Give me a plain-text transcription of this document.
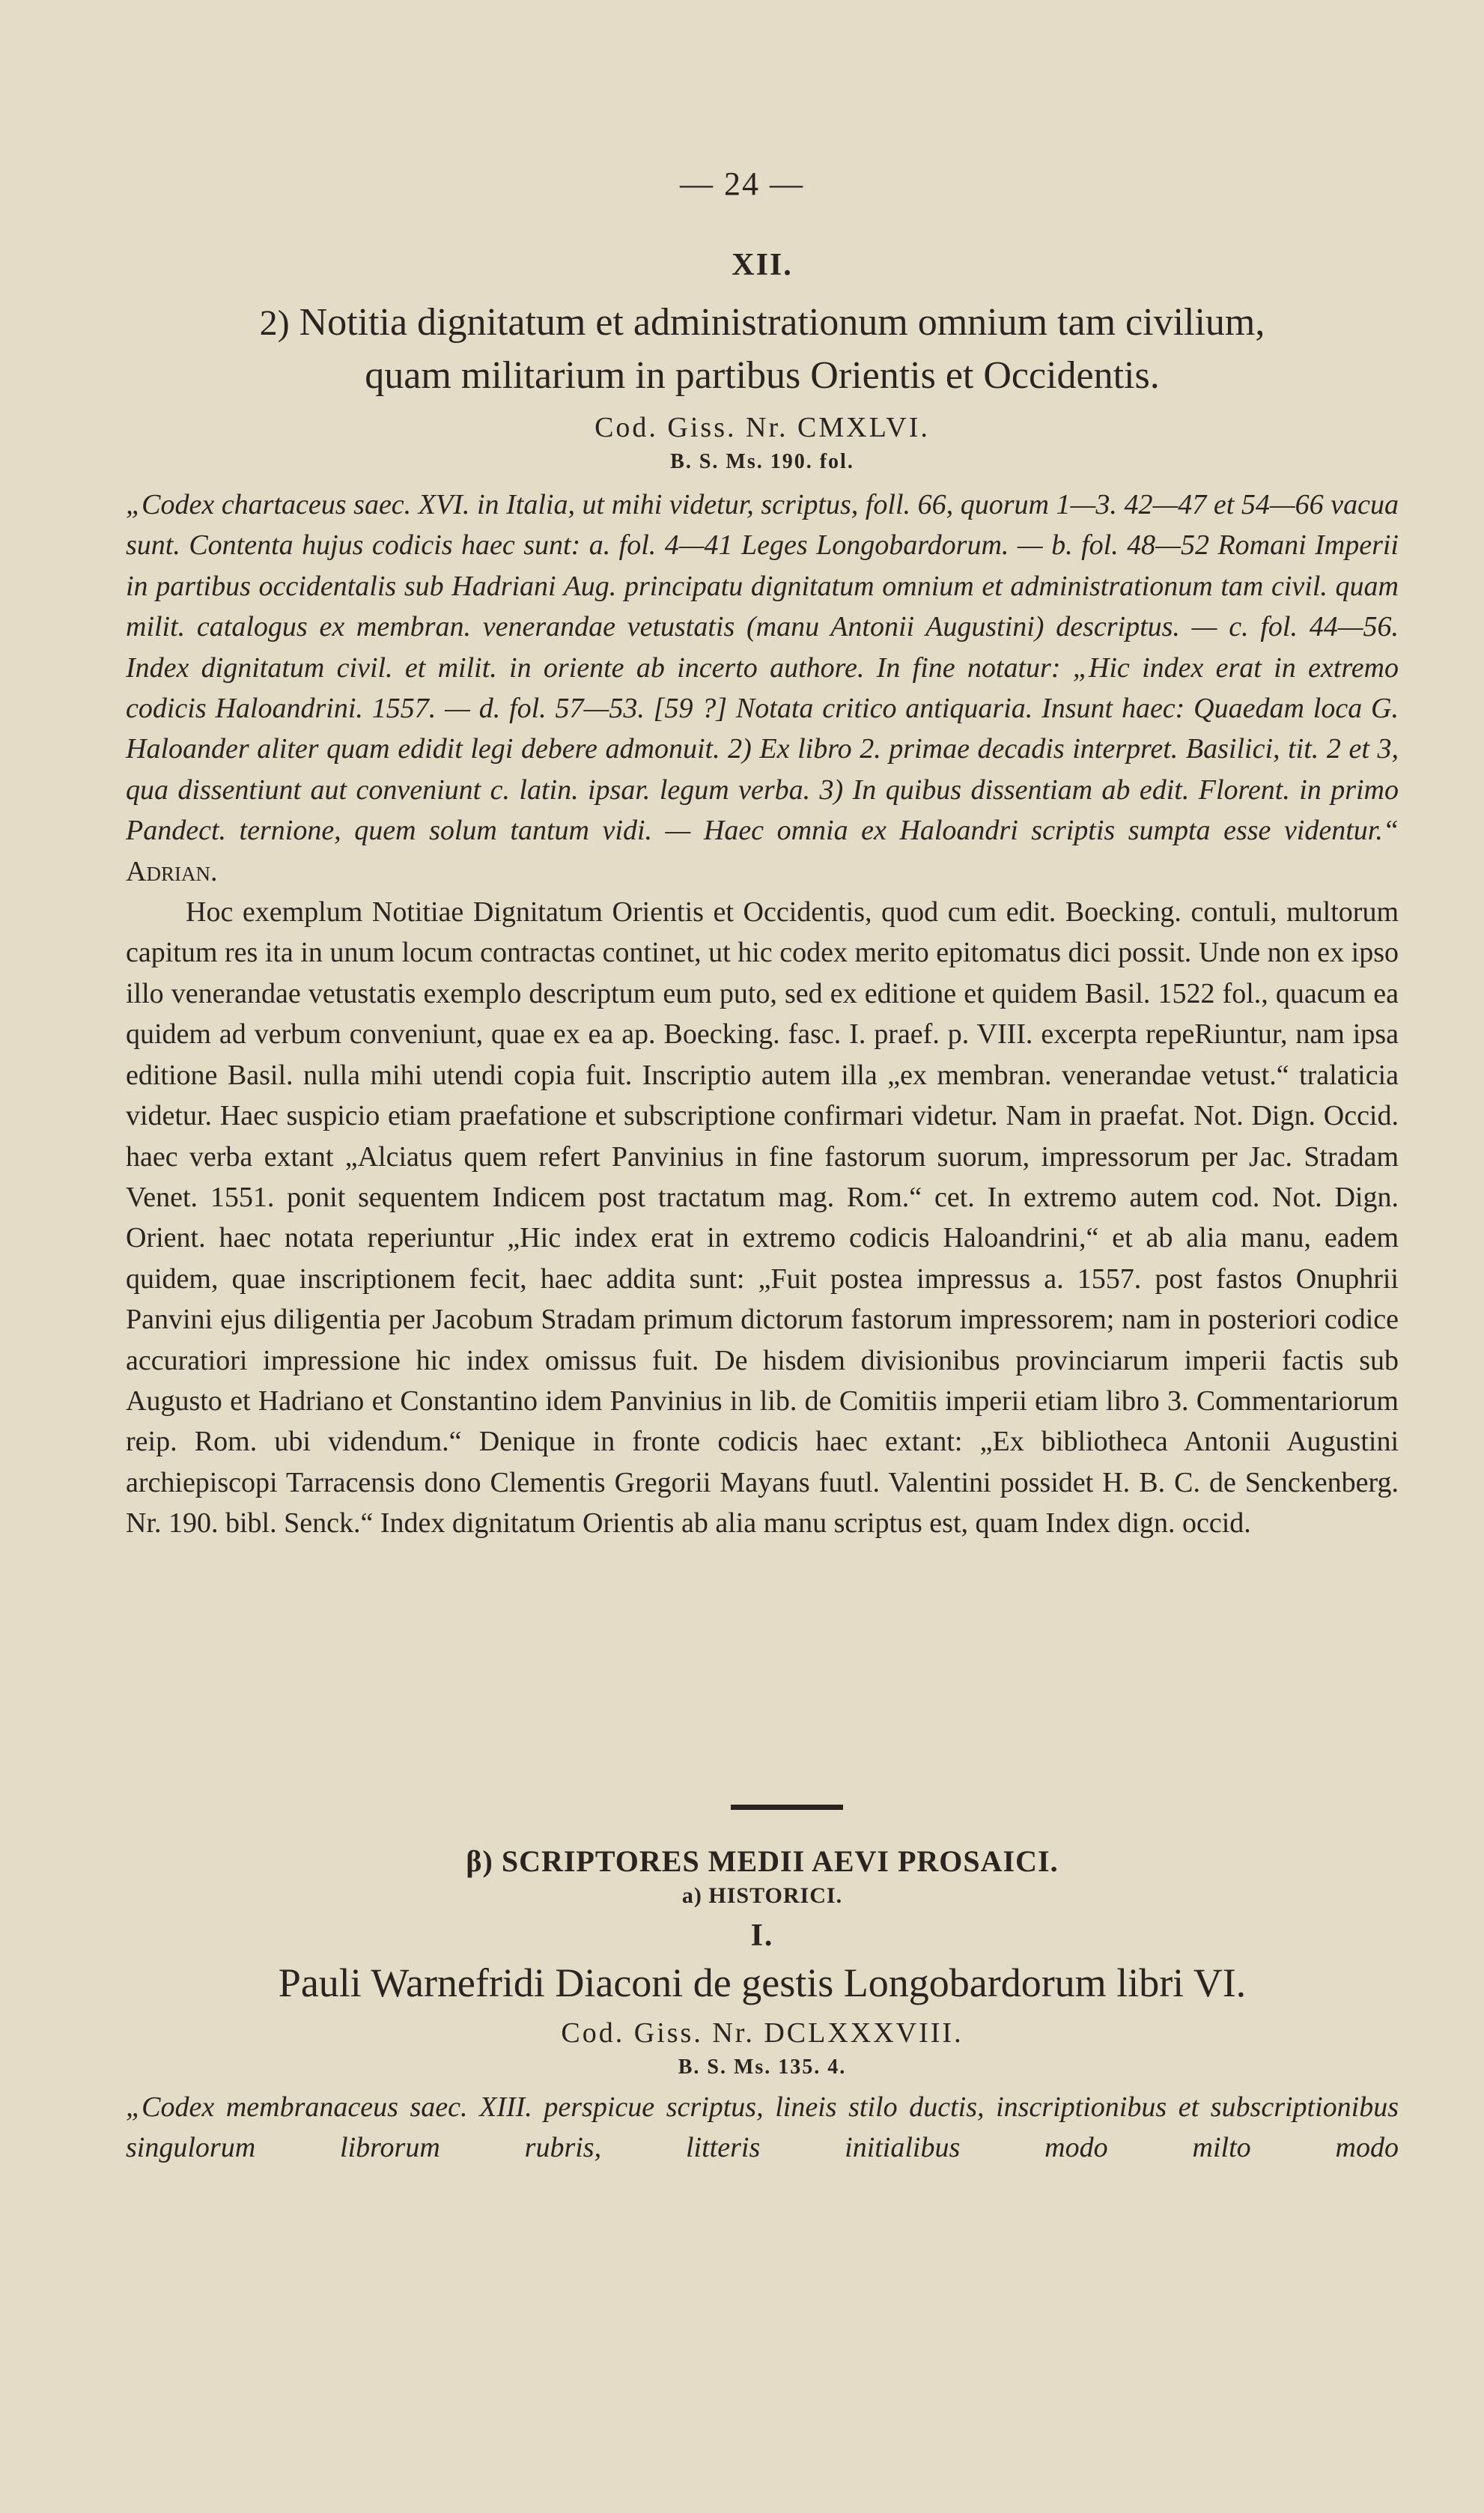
— 24 —
XII.
2) Notitia dignitatum et administrationum omnium tam civilium,
quam militarium in partibus Orientis et Occidentis.
Cod. Giss. Nr. CMXLVI.
B. S. Ms. 190. fol.
„Codex chartaceus saec. XVI. in Italia, ut mihi videtur, scriptus, foll. 66, quorum 1—3. 42—47 et 54—66 vacua sunt. Contenta hujus codicis haec sunt: a. fol. 4—41 Leges Longobardorum. — b. fol. 48—52 Romani Imperii in partibus occidentalis sub Hadriani Aug. principatu dignitatum omnium et administrationum tam civil. quam milit. catalogus ex membran. venerandae vetustatis (manu Antonii Augustini) descriptus. — c. fol. 44—56. Index dignitatum civil. et milit. in oriente ab incerto authore. In fine notatur: „Hic index erat in extremo codicis Haloandrini. 1557. — d. fol. 57—53. [59 ?] Notata critico antiquaria. Insunt haec: Quaedam loca G. Haloander aliter quam edidit legi debere admonuit. 2) Ex libro 2. primae decadis interpret. Basilici, tit. 2 et 3, qua dissentiunt aut conveniunt c. latin. ipsar. legum verba. 3) In quibus dissentiam ab edit. Florent. in primo Pandect. ternione, quem solum tantum vidi. — Haec omnia ex Haloandri scriptis sumpta esse videntur.“ Adrian.
Hoc exemplum Notitiae Dignitatum Orientis et Occidentis, quod cum edit. Boecking. contuli, multorum capitum res ita in unum locum contractas continet, ut hic codex merito epitomatus dici possit. Unde non ex ipso illo venerandae vetustatis exemplo descriptum eum puto, sed ex editione et quidem Basil. 1522 fol., quacum ea quidem ad verbum conveniunt, quae ex ea ap. Boecking. fasc. I. praef. p. VIII. excerpta repeRiuntur, nam ipsa editione Basil. nulla mihi utendi copia fuit. Inscriptio autem illa „ex membran. venerandae vetust.“ tralaticia videtur. Haec suspicio etiam praefatione et subscriptione confirmari videtur. Nam in praefat. Not. Dign. Occid. haec verba extant „Alciatus quem refert Panvinius in fine fastorum suorum, impressorum per Jac. Stradam Venet. 1551. ponit sequentem Indicem post tractatum mag. Rom.“ cet. In extremo autem cod. Not. Dign. Orient. haec notata reperiuntur „Hic index erat in extremo codicis Haloandrini,“ et ab alia manu, eadem quidem, quae inscriptionem fecit, haec addita sunt: „Fuit postea impressus a. 1557. post fastos Onuphrii Panvini ejus diligentia per Jacobum Stradam primum dictorum fastorum impressorem; nam in posteriori codice accuratiori impressione hic index omissus fuit. De hisdem divisionibus provinciarum imperii factis sub Augusto et Hadriano et Constantino idem Panvinius in lib. de Comitiis imperii etiam libro 3. Commentariorum reip. Rom. ubi videndum.“ Denique in fronte codicis haec extant: „Ex bibliotheca Antonii Augustini archiepiscopi Tarracensis dono Clementis Gregorii Mayans fuutl. Valentini possidet H. B. C. de Senckenberg. Nr. 190. bibl. Senck.“ Index dignitatum Orientis ab alia manu scriptus est, quam Index dign. occid.
β) SCRIPTORES MEDII AEVI PROSAICI.
a) HISTORICI.
I.
Pauli Warnefridi Diaconi de gestis Longobardorum libri VI.
Cod. Giss. Nr. DCLXXXVIII.
B. S. Ms. 135. 4.
„Codex membranaceus saec. XIII. perspicue scriptus, lineis stilo ductis, inscriptionibus et subscriptionibus singulorum librorum rubris, litteris initialibus modo milto modo
